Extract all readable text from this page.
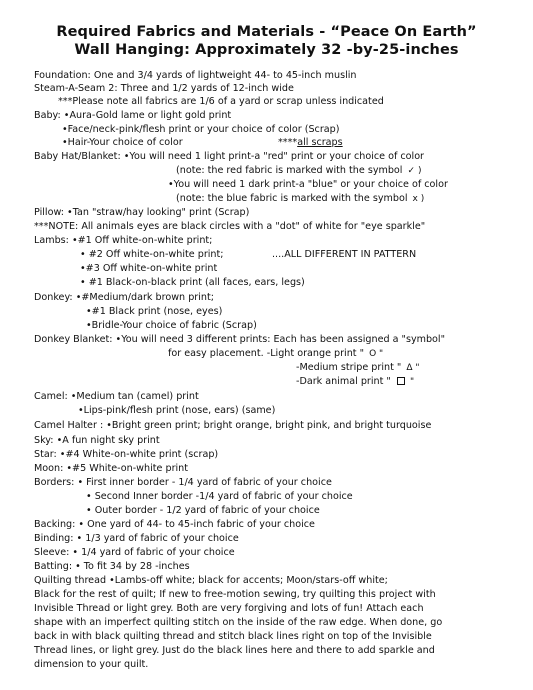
Required Fabrics and Materials - “Peace On Earth”
Wall Hanging: Approximately 32 -by-25-inches
Foundation: One and 3/4 yards of lightweight 44- to 45-inch muslin
Steam-A-Seam 2: Three and 1/2 yards of 12-inch wide
***Please note all fabrics are 1/6 of a yard or scrap unless indicated
Baby: •Aura-Gold lame or light gold print
•Face/neck-pink/flesh print or your choice of color (Scrap)
•Hair-Your choice of color	****all scraps
Baby Hat/Blanket: •You will need 1 light print-a "red" print or your choice of color
(note: the red fabric is marked with the symbol ✓ )
•You will need 1 dark print-a "blue" or your choice of color
(note: the blue fabric is marked with the symbol x )
Pillow: •Tan "straw/hay looking" print (Scrap)
***NOTE: All animals eyes are black circles with a "dot" of white for "eye sparkle"
Lambs: •#1 Off white-on-white print;
• #2 Off white-on-white print;	....ALL DIFFERENT IN PATTERN
•#3 Off white-on-white print
• #1 Black-on-black print (all faces, ears, legs)
Donkey: •#Medium/dark brown print;
•#1 Black print (nose, eyes)
•Bridle-Your choice of fabric (Scrap)
Donkey Blanket: •You will need 3 different prints: Each has been assigned a "symbol"
for easy placement. -Light orange print " O "
-Medium stripe print " Δ "
-Dark animal print " "
Camel: •Medium tan (camel) print
•Lips-pink/flesh print (nose, ears) (same)
Camel Halter : •Bright green print; bright orange, bright pink, and bright turquoise
Sky: •A fun night sky print
Star: •#4 White-on-white print (scrap)
Moon: •#5 White-on-white print
Borders: • First inner border - 1/4 yard of fabric of your choice
• Second Inner border -1/4 yard of fabric of your choice
• Outer border - 1/2 yard of fabric of your choice
Backing: • One yard of 44- to 45-inch fabric of your choice
Binding: • 1/3 yard of fabric of your choice
Sleeve: • 1/4 yard of fabric of your choice
Batting: • To fit 34 by 28 -inches
Quilting thread •Lambs-off white; black for accents; Moon/stars-off white;
Black for the rest of quilt; If new to free-motion sewing, try quilting this project with
Invisible Thread or light grey. Both are very forgiving and lots of fun! Attach each
shape with an imperfect quilting stitch on the inside of the raw edge. When done, go
back in with black quilting thread and stitch black lines right on top of the Invisible
Thread lines, or light grey. Just do the black lines here and there to add sparkle and
dimension to your quilt.
